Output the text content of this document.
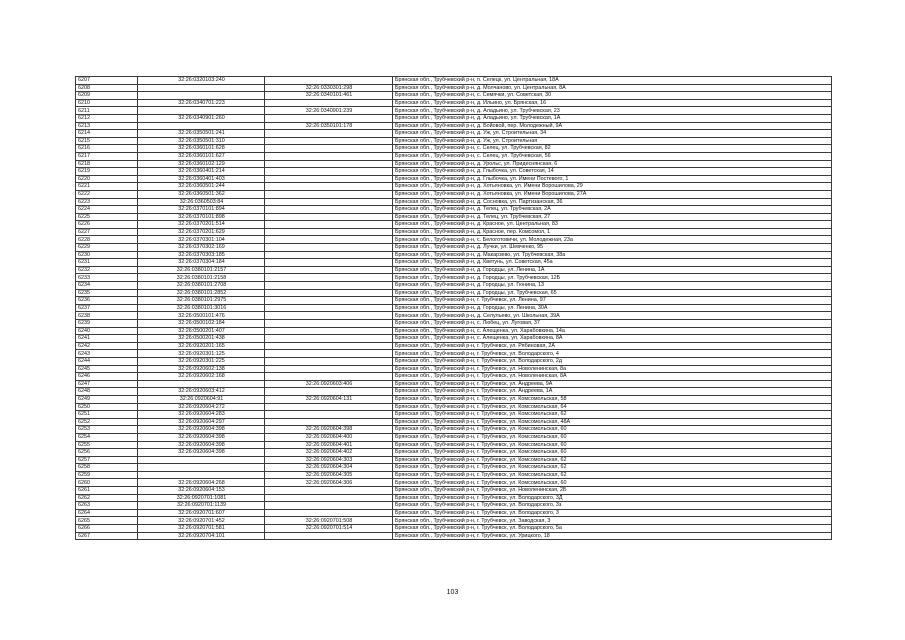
6207	32:26:0320103:240		Брянская обл., Трубчевский р-н, п. Селецк, ул. Центральная, 18А
6208		32:26:0330301:298	Брянская обл., Трубчевский р-н, д. Молчаново, ул. Центральная, 8А
6209		32:26:0340101:461	Брянская обл., Трубчевский р-н, с. Семячки, ул. Советская, 30
6210	32:26:0340701:223		Брянская обл., Трубчевский р-н, д. Ильино, ул. Брянская, 16
6211		32:26:0340901:239	Брянская обл., Трубчевский р-н, д. Аладьино, ул. Трубчевская, 23
6212	32:26:0340901:260		Брянская обл., Трубчевский р-н, д. Аладьино, ул. Трубчевская, 1А
6213		32:26:0350101:178	Брянская обл., Трубчевский р-н, д. Бойовой, пер. Молодежный, 9А
6214	32:26:0350501:241		Брянская обл., Трубчевский р-н, д. Уж, ул. Строительная, 34
6215	32:26:0350501:310		Брянская обл., Трубчевский р-н, д. Уж, ул. Строительная
6216	32:26:0360101:628		Брянская обл., Трубчевский р-н, с. Селец, ул. Трубчевская, 82
6217	32:26:0360101:627		Брянская обл., Трубчевский р-н, с. Селец, ул. Трубчевская, 56
6218	32:26:0360102:129		Брянская обл., Трубчевский р-н, д. Урольс, ул. Придеснянская, 6
6219	32:26:0360401:214		Брянская обл., Трубчевский р-н, д. Глыбочка, ул. Советская, 14
6220	32:26:0360401:403		Брянская обл., Трубчевский р-н, д. Глыбочка, ул. Имени Постевого, 1
6221	32:26:0360501:244		Брянская обл., Трубчевский р-н, д. Хотьяновка, ул. Имени Ворошилова, 29
6222	32:26:0360501:362		Брянская обл., Трубчевский р-н, д. Хотьяновка, ул. Имени Ворошилова, 27А
6223	32:26:0360503:84		Брянская обл., Трубчевский р-н, д. Сосновка, ул. Партизанская, 36
6224	32:26:0370101:894		Брянская обл., Трубчевский р-н, д. Телец, ул. Трубчевская, 2А
6225	32:26:0370101:898		Брянская обл., Трубчевский р-н, д. Телец, ул. Трубчевская, 27
6226	32:26:0370201:514		Брянская обл., Трубчевский р-н, д. Красное, ул. Центральная, 83
6227	32:26:0370201:629		Брянская обл., Трубчевский р-н, д. Красное, пер. Комсомол, 1
6228	32:26:0370301:104		Брянская обл., Трубчевский р-н, с. Белоготовичи, ул. Молодежная, 23а
6229	32:26:0370302:169		Брянская обл., Трубчевский р-н, д. Лучки, ул. Шевченко, 95
6230	32:26:0370303:185		Брянская обл., Трубчевский р-н, д. Макарзево, ул. Трубчевская, 38а
6231	32:26:0370304:184		Брянская обл., Трубчевский р-н, д. Кветунь, ул. Советская, 45а
6232	32:26:0380101:2157		Брянская обл., Трубчевский р-н, д. Городцы, ул. Ленина, 1А
6233	32:26:0380101:2158		Брянская обл., Трубчевский р-н, д. Городцы, ул. Трубчевская, 12Б
6234	32:26:0380101:2708		Брянская обл., Трубчевский р-н, д. Городцы, ул. Гюнина, 13
6235	32:26:0380101:2852		Брянская обл., Трубчевский р-н, д. Городцы, ул. Трубчевская, 65
6236	32:26:0380101:2975		Брянская обл., Трубчевский р-н, г. Трубчевск, ул. Ленина, 97
6237	32:26:0380101:3016		Брянская обл., Трубчевский р-н, д. Городцы, ул. Ленина, 30А
6238	32:26:0500101:476		Брянская обл., Трубчевский р-н, д. Селульево, ул. Школьная, 39А
6239	32:26:0500102:184		Брянская обл., Трубчевский р-н, с. Любец, ул. Луговая, 37
6240	32:26:0500201:407		Брянская обл., Трубчевский р-н, с. Алещенка, ул. Харабовкина, 14а
6241	32:26:0500201:438		Брянская обл., Трубчевский р-н, с. Алещенка, ул. Харабовкина, 8А
6242	32:26:0920201:165		Брянская обл., Трубчевский р-н, г. Трубчевск, ул. Рябиновая, 2А
6243	32:26:0920301:125		Брянская обл., Трубчевский р-н, г. Трубчевск, ул. Володарского, 4
6244	32:26:0920301:225		Брянская обл., Трубчевский р-н, г. Трубчевск, ул. Володарского, 2д
6245	32:26:0920602:138		Брянская обл., Трубчевский р-н, г. Трубчевск, ул. Новоленинская, 8а
6246	32:26:0920602:168		Брянская обл., Трубчевский р-н, г. Трубчевск, ул. Новоленинская, 8А
6247		32:26:0920603:406	Брянская обл., Трубчевский р-н, г. Трубчевск, ул. Андреева, 9А
6248	32:26:0920603:412		Брянская обл., Трубчевский р-н, г. Трубчевск, ул. Андреева, 1А
6249	32:26:0920604:91	32:26:0920604:131	Брянская обл., Трубчевский р-н, г. Трубчевск, ул. Комсомольская, 58
6250	32:26:0920604:272		Брянская обл., Трубчевский р-н, г. Трубчевск, ул. Комсомольская, 64
6251	32:26:0920604:283		Брянская обл., Трубчевский р-н, г. Трубчевск, ул. Комсомольская, 62
6252	32:26:0920604:297		Брянская обл., Трубчевский р-н, г. Трубчевск, ул. Комсомольская, 48А
6253	32:26:0920604:398	32:26:0920604:398	Брянская обл., Трубчевский р-н, г. Трубчевск, ул. Комсомольская, 60
6254	32:26:0920604:398	32:26:0920604:400	Брянская обл., Трубчевский р-н, г. Трубчевск, ул. Комсомольская, 60
6255	32:26:0920604:398	32:26:0920604:401	Брянская обл., Трубчевский р-н, г. Трубчевск, ул. Комсомольская, 60
6256	32:26:0920604:398	32:26:0920604:402	Брянская обл., Трубчевский р-н, г. Трубчевск, ул. Комсомольская, 60
6257		32:26:0920604:303	Брянская обл., Трубчевский р-н, г. Трубчевск, ул. Комсомольская, 62
6258		32:26:0920604:304	Брянская обл., Трубчевский р-н, г. Трубчевск, ул. Комсомольская, 62
6259		32:26:0920604:305	Брянская обл., Трубчевский р-н, г. Трубчевск, ул. Комсомольская, 62
6260	32:26:0920604:268	32:26:0920604:306	Брянская обл., Трубчевский р-н, г. Трубчевск, ул. Комсомольская, 60
6261	32:26:0920604:153		Брянская обл., Трубчевский р-н, г. Трубчевск, ул. Новоленинская, 2Б
6262	32:26:0920701:1081		Брянская обл., Трубчевский р-н, г. Трубчевск, ул. Володарского, 3Д
6263	32:26:0920701:1139		Брянская обл., Трубчевский р-н, г. Трубчевск, ул. Володарского, 3з
6264	32:26:0920701:607		Брянская обл., Трубчевский р-н, г. Трубчевск, ул. Володарского, 3
6265	32:26:0920701:452	32:26:0920701:508	Брянская обл., Трубчевский р-н, г. Трубчевск, ул. Заводская, 3
6266	32:26:0920701:581	32:26:0920701:514	Брянская обл., Трубчевский р-н, г. Трубчевск, ул. Володарского, 5а
6267	32:26:0920704:101		Брянская обл., Трубчевский р-н, г. Трубчевск, ул. Урицкого, 18
103
